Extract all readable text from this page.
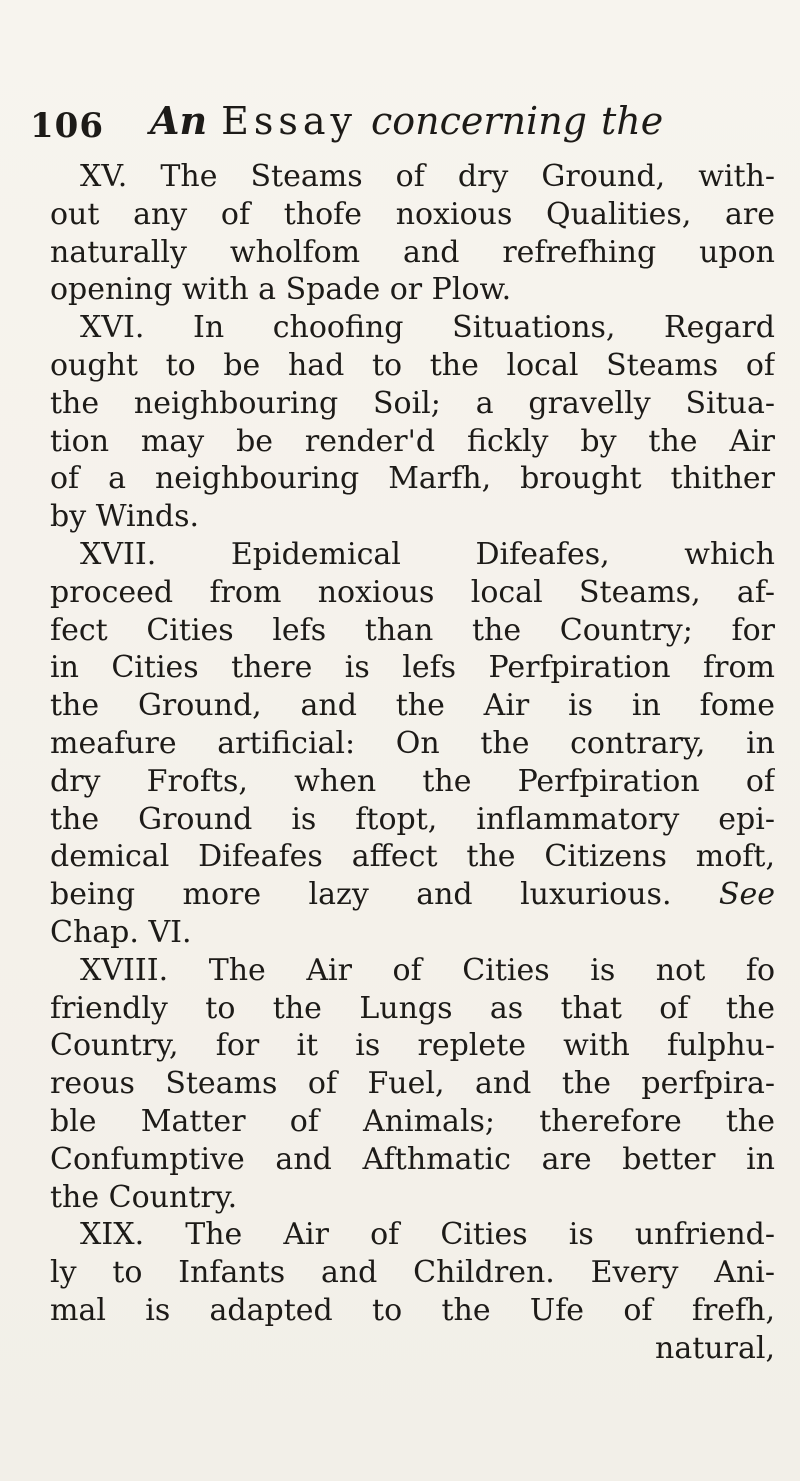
106 An Essay concerning the
XV. The Steams of dry Ground, with-
out any of thofe noxious Qualities, are
naturally wholfom and refrefhing upon
opening with a Spade or Plow.
XVI. In choofing Situations, Regard
ought to be had to the local Steams of
the neighbouring Soil; a gravelly Situa-
tion may be render'd fickly by the Air
of a neighbouring Marfh, brought thither
by Winds.
XVII. Epidemical Difeafes, which
proceed from noxious local Steams, af-
fect Cities lefs than the Country; for
in Cities there is lefs Perfpiration from
the Ground, and the Air is in fome
meafure artificial: On the contrary, in
dry Frofts, when the Perfpiration of
the Ground is ftopt, inflammatory epi-
demical Difeafes affect the Citizens moft,
being more lazy and luxurious. See
Chap. VI.
XVIII. The Air of Cities is not fo
friendly to the Lungs as that of the
Country, for it is replete with fulphu-
reous Steams of Fuel, and the perfpira-
ble Matter of Animals; therefore the
Confumptive and Afthmatic are better in
the Country.
XIX. The Air of Cities is unfriend-
ly to Infants and Children. Every Ani-
mal is adapted to the Ufe of frefh,
natural,
